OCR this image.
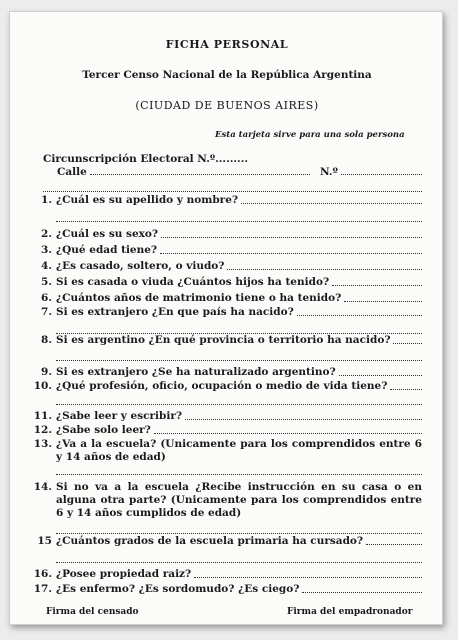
FICHA PERSONAL
Tercer Censo Nacional de la República Argentina
(CIUDAD DE BUENOS AIRES)
Esta tarjeta sirve para una sola persona
Circunscripción Electoral N.º.........
Calle	N.º
1. ¿Cuál es su apellido y nombre?
2. ¿Cuál es su sexo?
3. ¿Qué edad tiene?
4. ¿Es casado, soltero, o viudo?
5. Si es casada o viuda ¿Cuántos hijos ha tenido?
6. ¿Cuántos años de matrimonio tiene o ha tenido?
7. Si es extranjero ¿En que país ha nacido?
8. Si es argentino ¿En qué provincia o territorio ha nacido?
9. Si es extranjero ¿Se ha naturalizado argentino?
10. ¿Qué profesión, oficio, ocupación o medio de vida tiene?
11. ¿Sabe leer y escribir?
12. ¿Sabe solo leer?
13. ¿Va a la escuela? (Unicamente para los comprendidos entre 6 y 14 años de edad)
14. Si no va a la escuela ¿Recibe instrucción en su casa o en alguna otra parte? (Unicamente para los comprendidos entre 6 y 14 años cumplidos de edad)
15 ¿Cuántos grados de la escuela primaria ha cursado?
16. ¿Posee propiedad raiz?
17. ¿Es enfermo? ¿Es sordomudo? ¿Es ciego?
Firma del censado	Firma del empadronador
